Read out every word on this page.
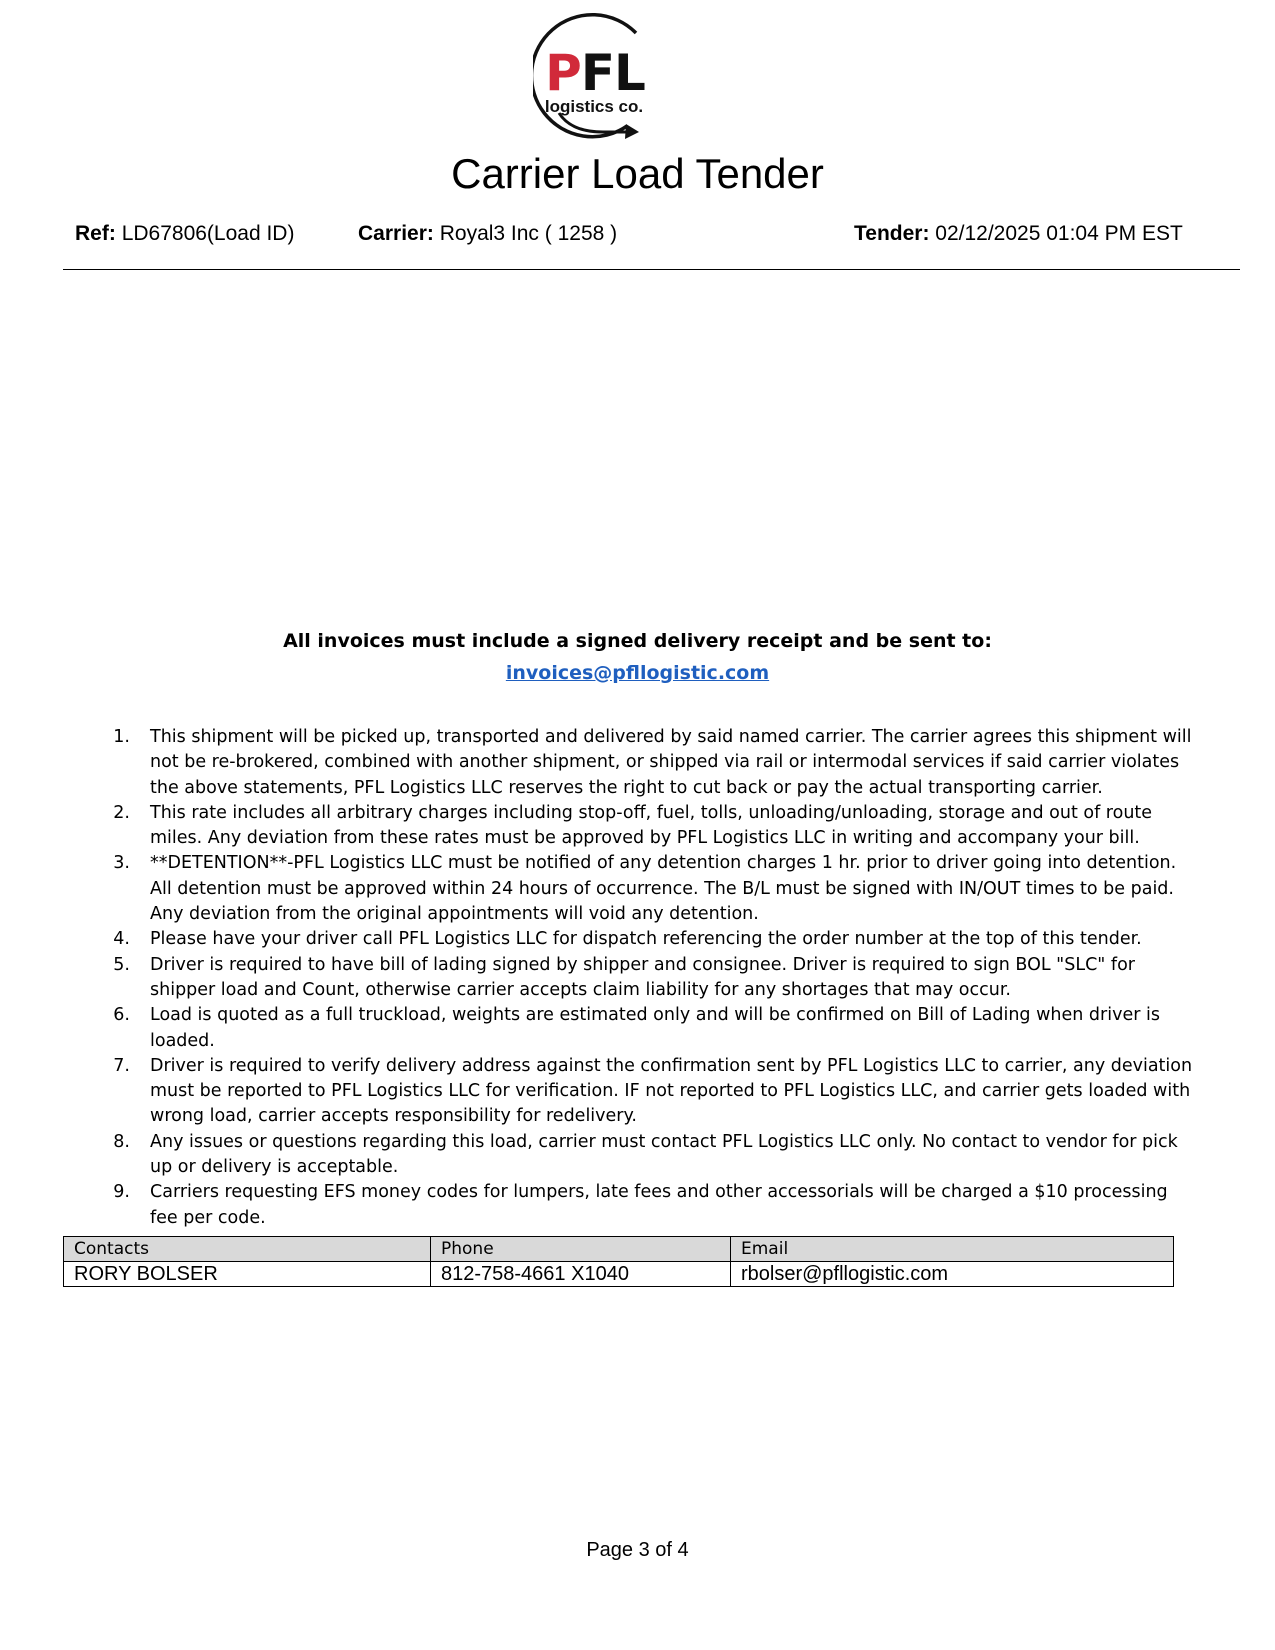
PFL
logistics co.
Carrier Load Tender
Ref: LD67806(Load ID)	Carrier: Royal3 Inc ( 1258 )	Tender: 02/12/2025 01:04 PM EST
All invoices must include a signed delivery receipt and be sent to:
invoices@pfllogistic.com
1. This shipment will be picked up, transported and delivered by said named carrier. The carrier agrees this shipment will not be re-brokered, combined with another shipment, or shipped via rail or intermodal services if said carrier violates the above statements, PFL Logistics LLC reserves the right to cut back or pay the actual transporting carrier.
2. This rate includes all arbitrary charges including stop-off, fuel, tolls, unloading/unloading, storage and out of route miles. Any deviation from these rates must be approved by PFL Logistics LLC in writing and accompany your bill.
3. **DETENTION**-PFL Logistics LLC must be notified of any detention charges 1 hr. prior to driver going into detention. All detention must be approved within 24 hours of occurrence. The B/L must be signed with IN/OUT times to be paid. Any deviation from the original appointments will void any detention.
4. Please have your driver call PFL Logistics LLC for dispatch referencing the order number at the top of this tender.
5. Driver is required to have bill of lading signed by shipper and consignee. Driver is required to sign BOL "SLC" for shipper load and Count, otherwise carrier accepts claim liability for any shortages that may occur.
6. Load is quoted as a full truckload, weights are estimated only and will be confirmed on Bill of Lading when driver is loaded.
7. Driver is required to verify delivery address against the confirmation sent by PFL Logistics LLC to carrier, any deviation must be reported to PFL Logistics LLC for verification. IF not reported to PFL Logistics LLC, and carrier gets loaded with wrong load, carrier accepts responsibility for redelivery.
8. Any issues or questions regarding this load, carrier must contact PFL Logistics LLC only. No contact to vendor for pick up or delivery is acceptable.
9. Carriers requesting EFS money codes for lumpers, late fees and other accessorials will be charged a $10 processing fee per code.
Contacts	Phone	Email
RORY BOLSER	812-758-4661 X1040	rbolser@pfllogistic.com
Page 3 of 4
